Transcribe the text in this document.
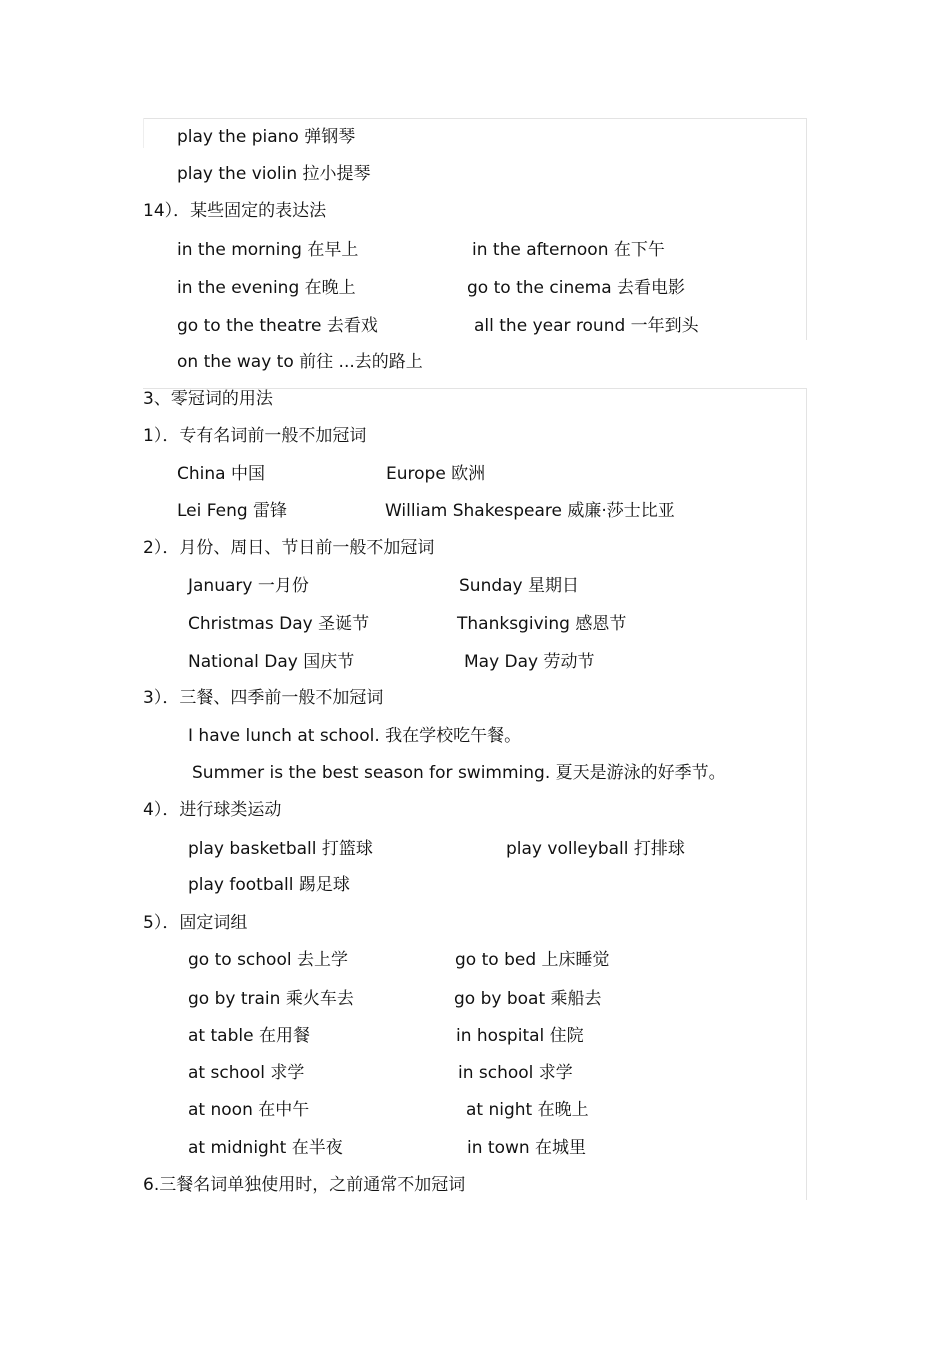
play the piano 弹钢琴
play the violin 拉小提琴
14）．某些固定的表达法
in the morning 在早上	in the afternoon 在下午
in the evening 在晚上	go to the cinema 去看电影
go to the theatre 去看戏	all the year round 一年到头
on the way to 前往 ...去的路上
3、零冠词的用法
1）．专有名词前一般不加冠词
China 中国	Europe 欧洲
Lei Feng 雷锋	William Shakespeare 威廉·莎士比亚
2）．月份、周日、节日前一般不加冠词
January 一月份	Sunday 星期日
Christmas Day 圣诞节	Thanksgiving 感恩节
National Day 国庆节	May Day 劳动节
3）．三餐、四季前一般不加冠词
I have lunch at school. 我在学校吃午餐。
Summer is the best season for swimming. 夏天是游泳的好季节。
4）．进行球类运动
play basketball 打篮球	play volleyball 打排球
play football 踢足球
5）．固定词组
go to school 去上学	go to bed 上床睡觉
go by train 乘火车去	go by boat 乘船去
at table 在用餐	in hospital 住院
at school 求学	in school 求学
at noon 在中午	at night 在晚上
at midnight 在半夜	in town 在城里
6.三餐名词单独使用时，之前通常不加冠词
